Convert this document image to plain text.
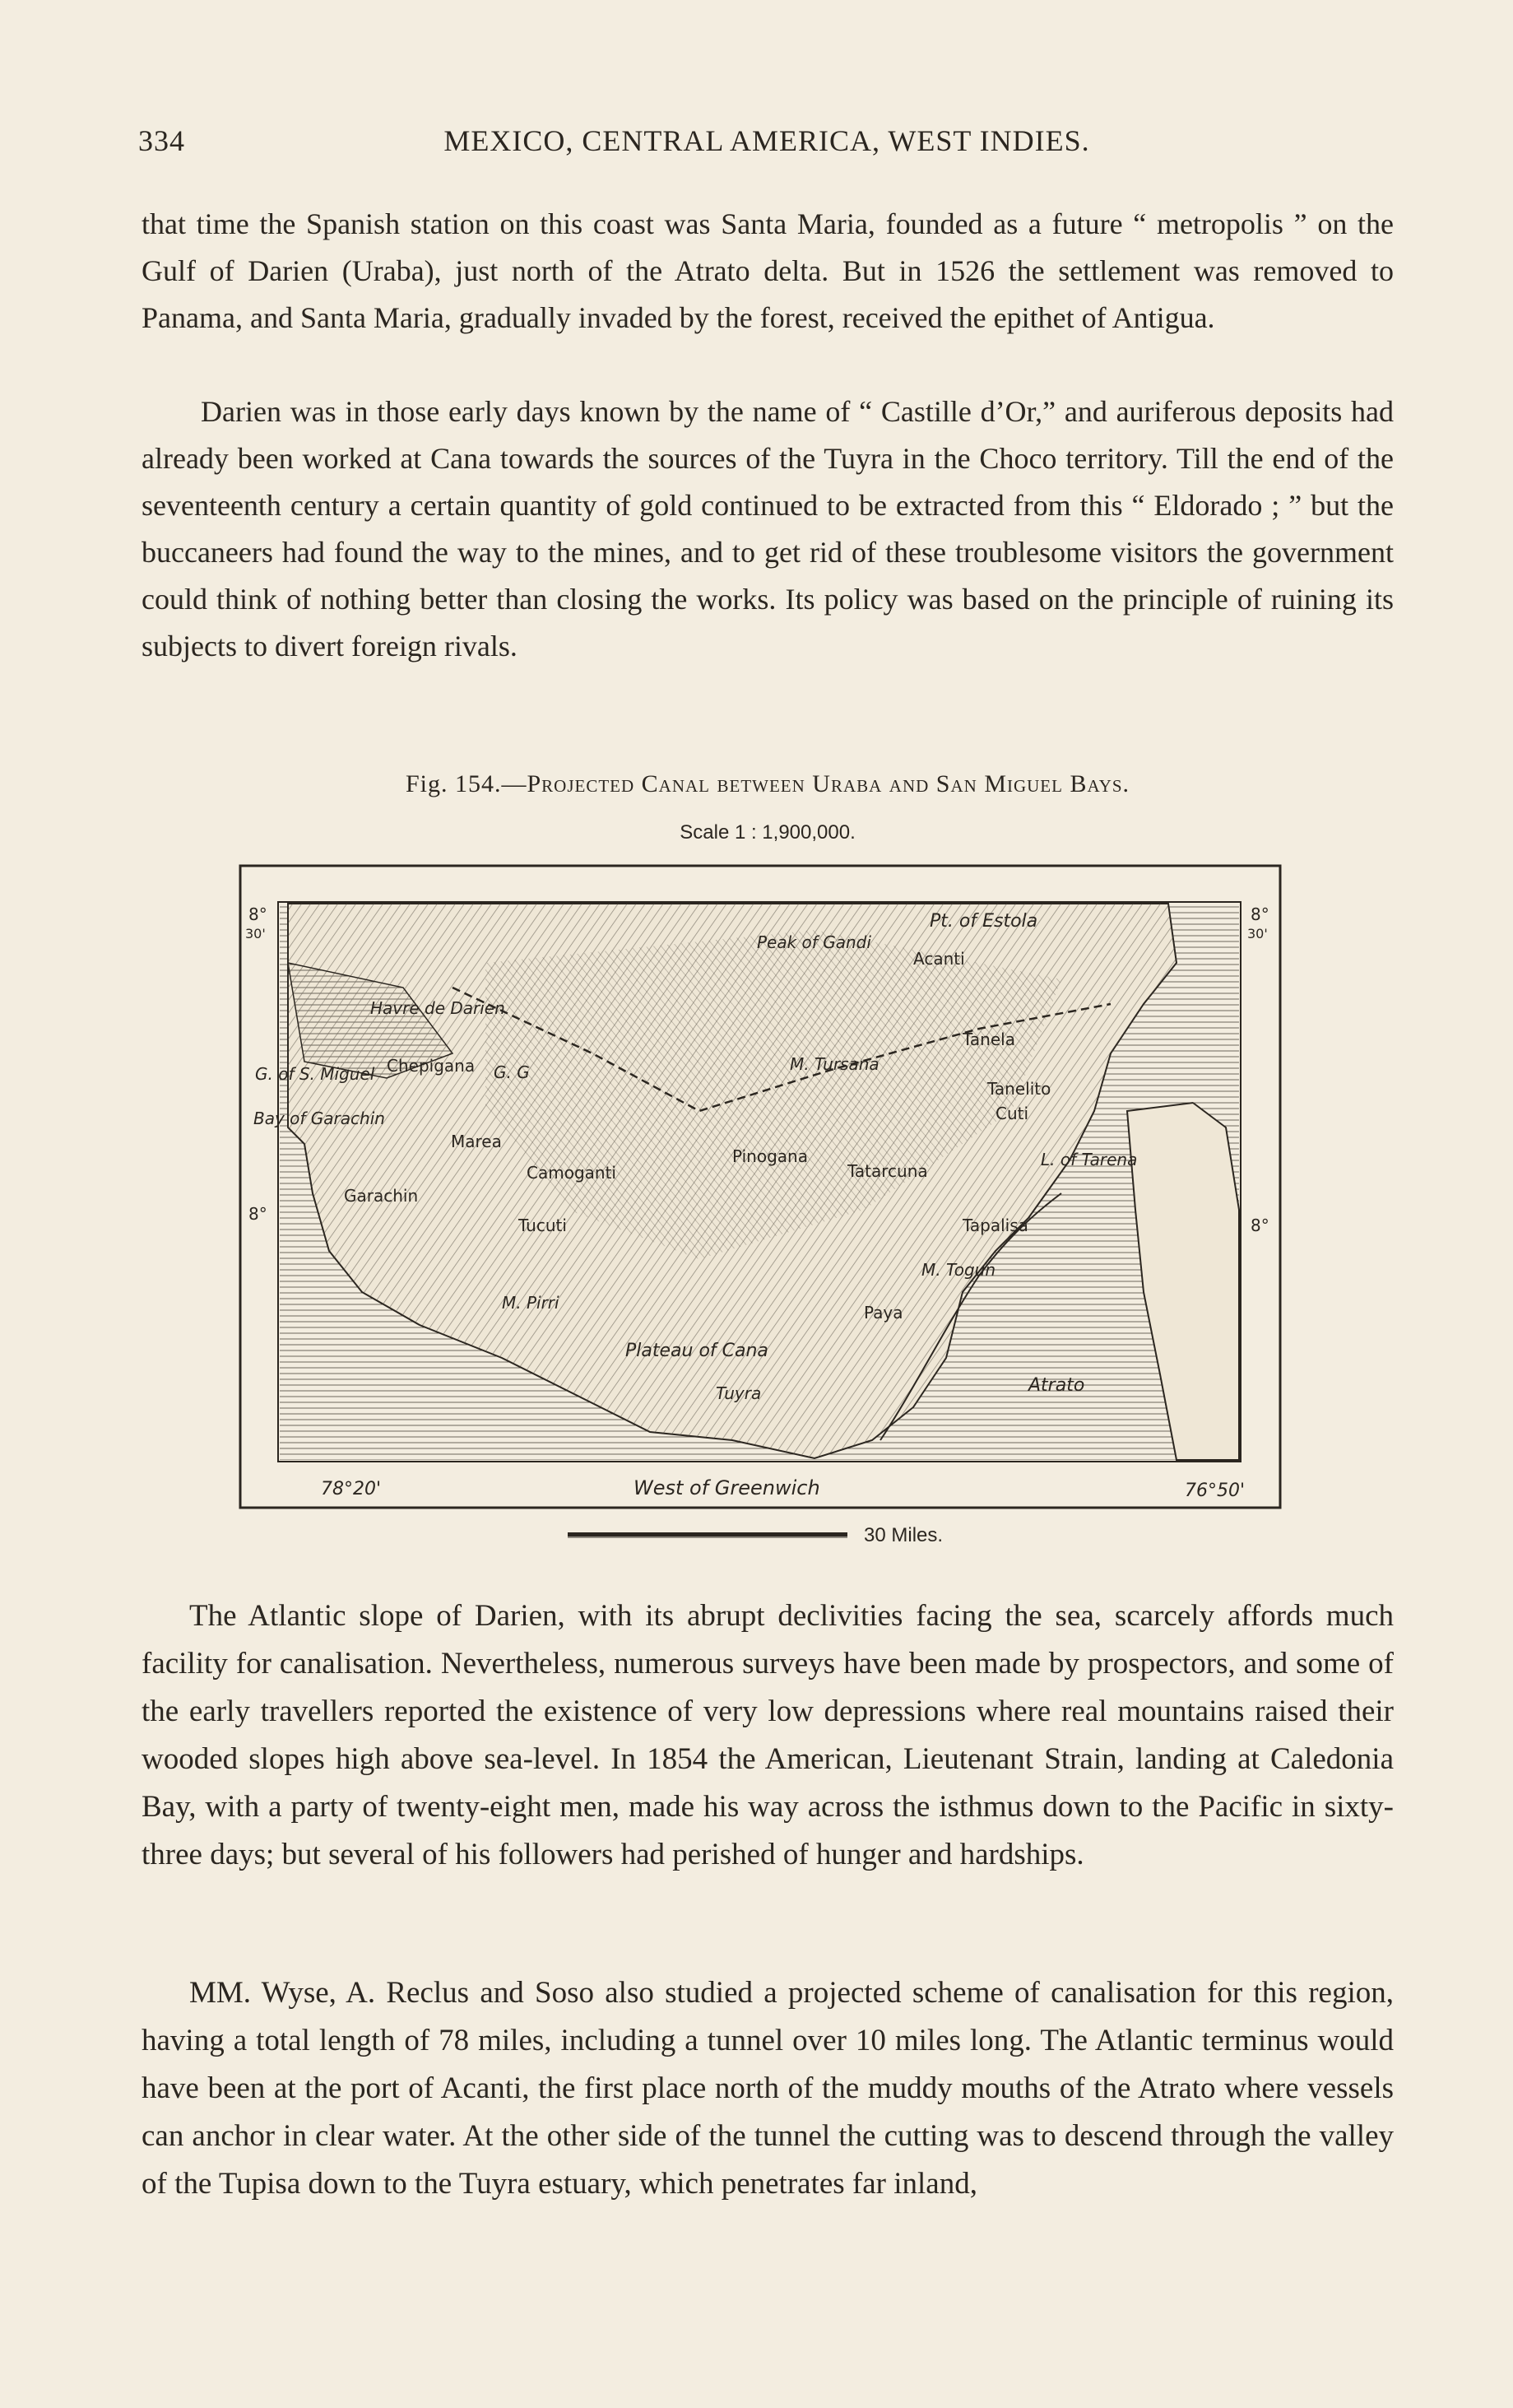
334	MEXICO, CENTRAL AMERICA, WEST INDIES.

that time the Spanish station on this coast was Santa Maria, founded as a future “ metropolis ” on the Gulf of Darien (Uraba), just north of the Atrato delta. But in 1526 the settlement was removed to Panama, and Santa Maria, gradually invaded by the forest, received the epithet of Antigua.

Darien was in those early days known by the name of “ Castille d’Or,” and auriferous deposits had already been worked at Cana towards the sources of the Tuyra in the Choco territory. Till the end of the seventeenth century a certain quantity of gold continued to be extracted from this “ Eldorado ; ” but the buccaneers had found the way to the mines, and to get rid of these troublesome visitors the government could think of nothing better than closing the works. Its policy was based on the principle of ruining its subjects to divert foreign rivals.

Fig. 154.—Projected Canal between Uraba and San Miguel Bays.
Scale 1 : 1,900,000.
8°
30'
8°
30'
8°
8°
78°20'	West of Greenwich	76°50'
Pt. of Estola
Peak of Gandi
Acanti
Havre de Darien
G. of S. Miguel Chepigana
Bay of Garachin
Marea
Camoganti
Garachin
Tucuti
M. Pirri
Plateau of Cana
Tuyra
M. Tursana
Pinogana
Tatarcuna
Tanela
Tanelito
Cuti
L. of Tarena
Tapalisa
M. Togun
Paya
Atrato
G. G
30 Miles.

The Atlantic slope of Darien, with its abrupt declivities facing the sea, scarcely affords much facility for canalisation. Nevertheless, numerous surveys have been made by prospectors, and some of the early travellers reported the existence of very low depressions where real mountains raised their wooded slopes high above sea-level. In 1854 the American, Lieutenant Strain, landing at Caledonia Bay, with a party of twenty-eight men, made his way across the isthmus down to the Pacific in sixty-three days; but several of his followers had perished of hunger and hardships.

MM. Wyse, A. Reclus and Soso also studied a projected scheme of canalisation for this region, having a total length of 78 miles, including a tunnel over 10 miles long. The Atlantic terminus would have been at the port of Acanti, the first place north of the muddy mouths of the Atrato where vessels can anchor in clear water. At the other side of the tunnel the cutting was to descend through the valley of the Tupisa down to the Tuyra estuary, which penetrates far inland,
